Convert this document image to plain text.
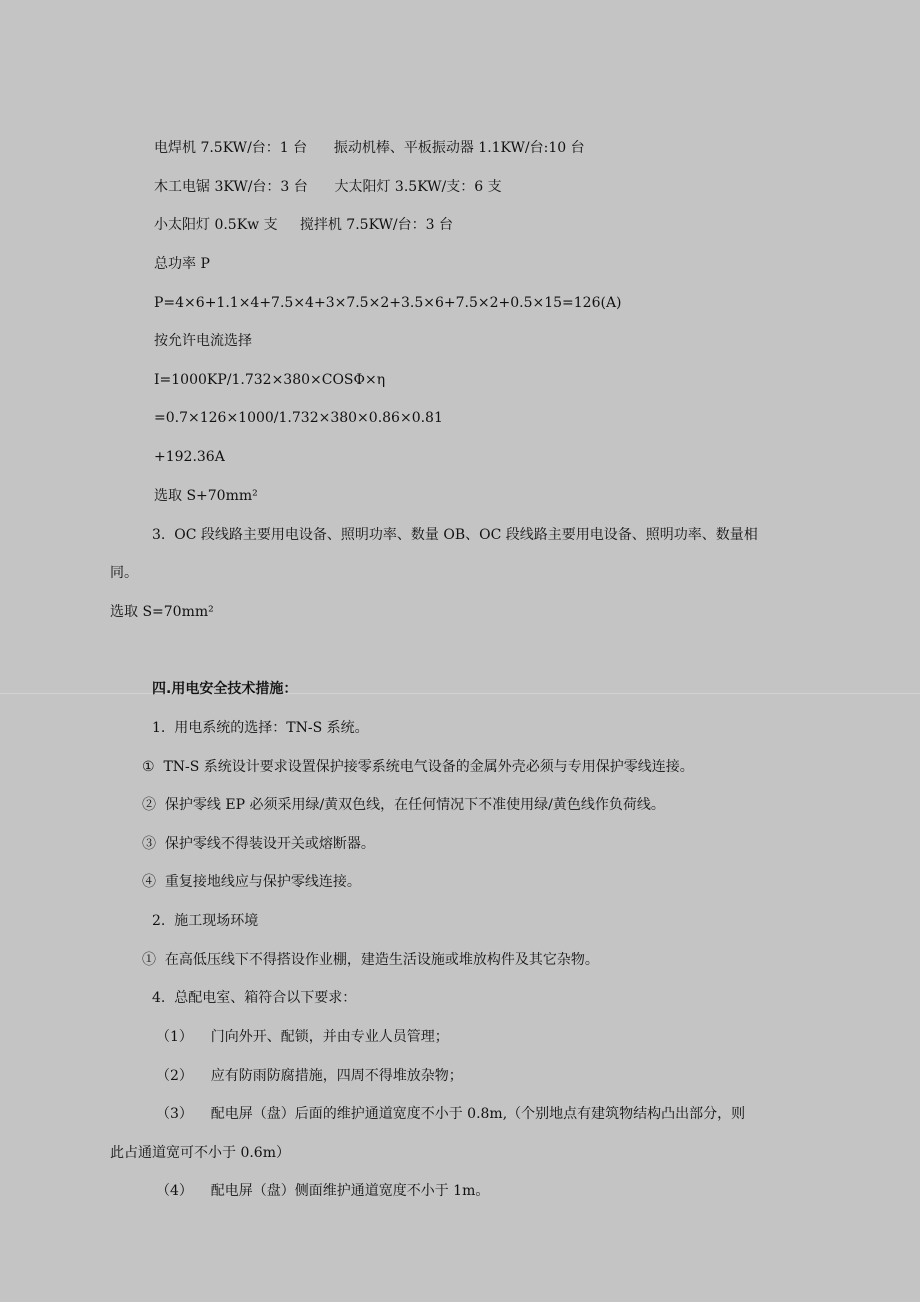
电焊机 7.5KW/台：1 台      振动机棒、平板振动器 1.1KW/台:10 台
木工电锯 3KW/台：3 台      大太阳灯 3.5KW/支：6 支
小太阳灯 0.5Kw 支     搅拌机 7.5KW/台：3 台
总功率 P
P=4×6+1.1×4+7.5×4+3×7.5×2+3.5×6+7.5×2+0.5×15=126(A)
按允许电流选择
I=1000KP/1.732×380×COSΦ×η
=0.7×126×1000/1.732×380×0.86×0.81
+192.36A
选取 S+70mm²
3.  OC 段线路主要用电设备、照明功率、数量 OB、OC 段线路主要用电设备、照明功率、数量相
同。
选取 S=70mm²
四.用电安全技术措施：
1.  用电系统的选择：TN-S 系统。
①  TN-S 系统设计要求设置保护接零系统电气设备的金属外壳必须与专用保护零线连接。
②  保护零线 EP 必须采用绿/黄双色线，在任何情况下不准使用绿/黄色线作负荷线。
③  保护零线不得装设开关或熔断器。
④  重复接地线应与保护零线连接。
2.  施工现场环境
①  在高低压线下不得搭设作业棚，建造生活设施或堆放构件及其它杂物。
4.  总配电室、箱符合以下要求：
（1）    门向外开、配锁，并由专业人员管理；
（2）    应有防雨防腐措施，四周不得堆放杂物；
（3）    配电屏（盘）后面的维护通道宽度不小于 0.8m,（个别地点有建筑物结构凸出部分，则
此占通道宽可不小于 0.6m）
（4）    配电屏（盘）侧面维护通道宽度不小于 1m。
